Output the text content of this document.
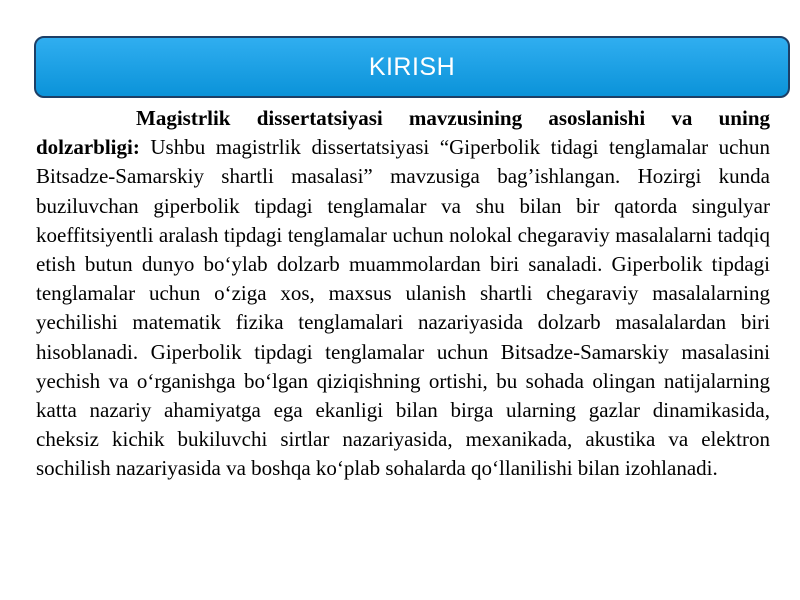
KIRISH

Magistrlik dissertatsiyasi mavzusining asoslanishi va uning dolzarbligi: Ushbu magistrlik dissertatsiyasi “Giperbolik tidagi tenglamalar uchun Bitsadze-Samarskiy shartli masalasi” mavzusiga bag’ishlangan. Hozirgi kunda buziluvchan giperbolik tipdagi tenglamalar va shu bilan bir qatorda singulyar koeffitsiyentli aralash tipdagi tenglamalar uchun nolokal chegaraviy masalalarni tadqiq etish butun dunyo bo‘ylab dolzarb muammolardan biri sanaladi. Giperbolik tipdagi tenglamalar uchun o‘ziga xos, maxsus ulanish shartli chegaraviy masalalarning yechilishi matematik fizika tenglamalari nazariyasida dolzarb masalalardan biri hisoblanadi. Giperbolik tipdagi tenglamalar uchun Bitsadze-Samarskiy masalasini yechish va o‘rganishga bo‘lgan qiziqishning ortishi, bu sohada olingan natijalarning katta nazariy ahamiyatga ega ekanligi bilan birga ularning gazlar dinamikasida, cheksiz kichik bukiluvchi sirtlar nazariyasida, mexanikada, akustika va elektron sochilish nazariyasida va boshqa ko‘plab sohalarda qo‘llanilishi bilan izohlanadi.
